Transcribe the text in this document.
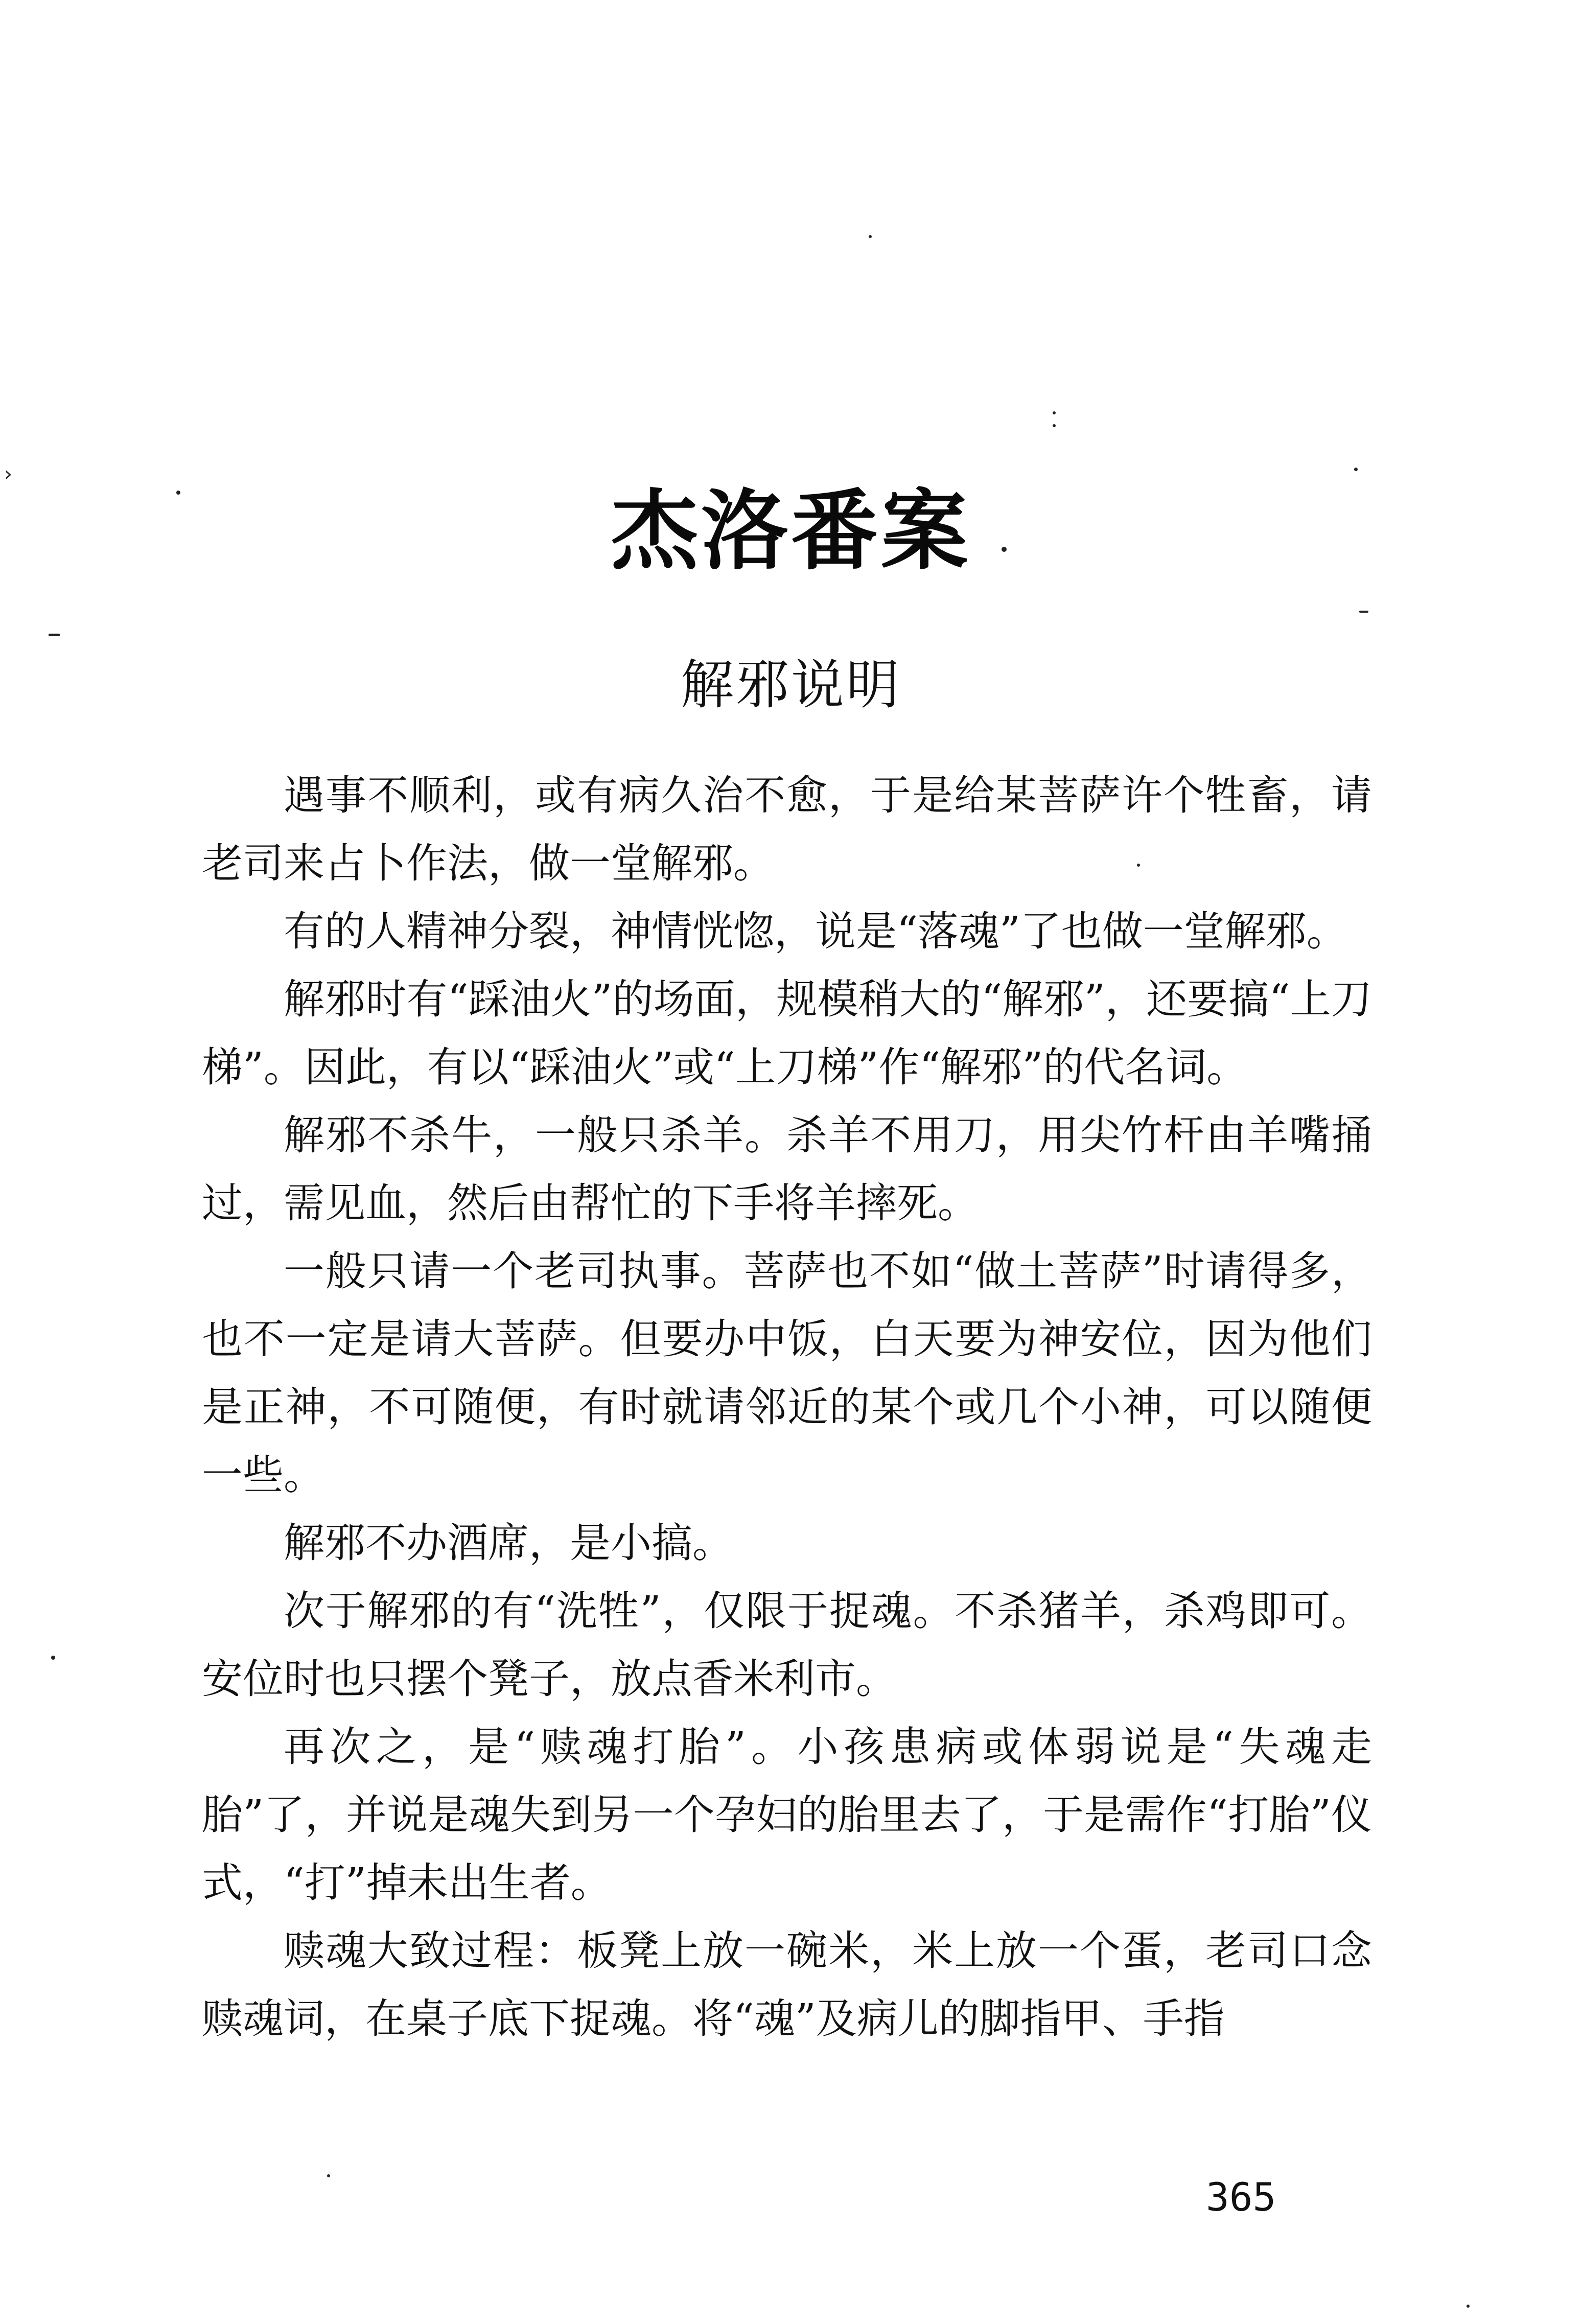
›
杰洛番案
解邪说明

遇事不顺利，或有病久治不愈，于是给某菩萨许个牲畜，请老司来占卜作法，做一堂解邪。

有的人精神分裂，神情恍惚，说是“落魂”了也做一堂解邪。

解邪时有“踩油火”的场面，规模稍大的“解邪”，还要搞“上刀梯”。因此，有以“踩油火”或“上刀梯”作“解邪”的代名词。

解邪不杀牛，一般只杀羊。杀羊不用刀，用尖竹杆由羊嘴捅过，需见血，然后由帮忙的下手将羊摔死。

一般只请一个老司执事。菩萨也不如“做土菩萨”时请得多，也不一定是请大菩萨。但要办中饭，白天要为神安位，因为他们是正神，不可随便，有时就请邻近的某个或几个小神，可以随便一些。

解邪不办酒席，是小搞。

次于解邪的有“洗牲”，仅限于捉魂。不杀猪羊，杀鸡即可。安位时也只摆个凳子，放点香米利市。

再次之，是“赎魂打胎”。小孩患病或体弱说是“失魂走胎”了，并说是魂失到另一个孕妇的胎里去了，于是需作“打胎”仪式，“打”掉未出生者。

赎魂大致过程：板凳上放一碗米，米上放一个蛋，老司口念赎魂词，在桌子底下捉魂。将“魂”及病儿的脚指甲、手指

365
